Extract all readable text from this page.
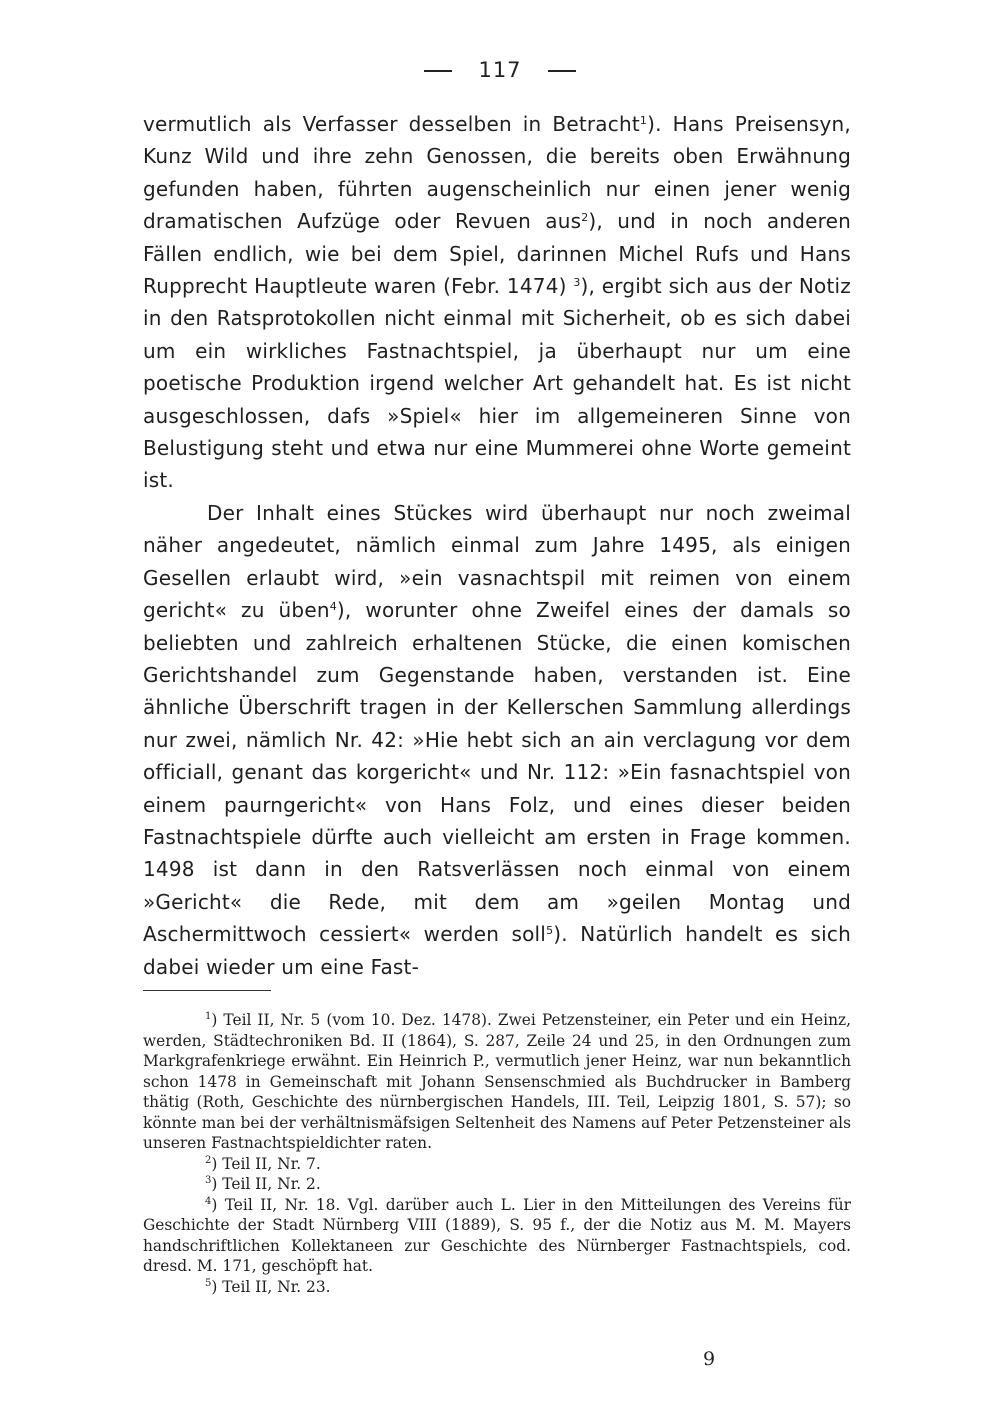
117

vermutlich als Verfasser desselben in Betracht$^1$). Hans Preisensyn, Kunz Wild und ihre zehn Genossen, die bereits oben Erwähnung gefunden haben, führten augenscheinlich nur einen jener wenig dramatischen Aufzüge oder Revuen aus$^2$), und in noch anderen Fällen endlich, wie bei dem Spiel, darinnen Michel Rufs und Hans Rupprecht Hauptleute waren (Febr. 1474) $^3$), ergibt sich aus der Notiz in den Ratsprotokollen nicht einmal mit Sicherheit, ob es sich dabei um ein wirkliches Fastnachtspiel, ja überhaupt nur um eine poetische Produktion irgend welcher Art gehandelt hat. Es ist nicht ausgeschlossen, dafs »Spiel« hier im allgemeineren Sinne von Belustigung steht und etwa nur eine Mummerei ohne Worte gemeint ist.

Der Inhalt eines Stückes wird überhaupt nur noch zweimal näher angedeutet, nämlich einmal zum Jahre 1495, als einigen Gesellen erlaubt wird, »ein vasnachtspil mit reimen von einem gericht« zu üben$^4$), worunter ohne Zweifel eines der damals so beliebten und zahlreich erhaltenen Stücke, die einen komischen Gerichtshandel zum Gegenstande haben, verstanden ist. Eine ähnliche Überschrift tragen in der Kellerschen Sammlung allerdings nur zwei, nämlich Nr. 42: »Hie hebt sich an ain verclagung vor dem officiall, genant das korgericht« und Nr. 112: »Ein fasnachtspiel von einem paurngericht« von Hans Folz, und eines dieser beiden Fastnachtspiele dürfte auch vielleicht am ersten in Frage kommen. 1498 ist dann in den Ratsverlässen noch einmal von einem »Gericht« die Rede, mit dem am »geilen Montag und Aschermittwoch cessiert« werden soll$^5$). Natürlich handelt es sich dabei wieder um eine Fast-

$^1$) Teil II, Nr. 5 (vom 10. Dez. 1478). Zwei Petzensteiner, ein Peter und ein Heinz, werden, Städtechroniken Bd. II (1864), S. 287, Zeile 24 und 25, in den Ordnungen zum Markgrafenkriege erwähnt. Ein Heinrich P., vermutlich jener Heinz, war nun bekanntlich schon 1478 in Gemeinschaft mit Johann Sensenschmied als Buchdrucker in Bamberg thätig (Roth, Geschichte des nürnbergischen Handels, III. Teil, Leipzig 1801, S. 57); so könnte man bei der verhältnismäfsigen Seltenheit des Namens auf Peter Petzensteiner als unseren Fastnachtspieldichter raten.

$^2$) Teil II, Nr. 7.

$^3$) Teil II, Nr. 2.

$^4$) Teil II, Nr. 18. Vgl. darüber auch L. Lier in den Mitteilungen des Vereins für Geschichte der Stadt Nürnberg VIII (1889), S. 95 f., der die Notiz aus M. M. Mayers handschriftlichen Kollektaneen zur Geschichte des Nürnberger Fastnachtspiels, cod. dresd. M. 171, geschöpft hat.

$^5$) Teil II, Nr. 23.

9
